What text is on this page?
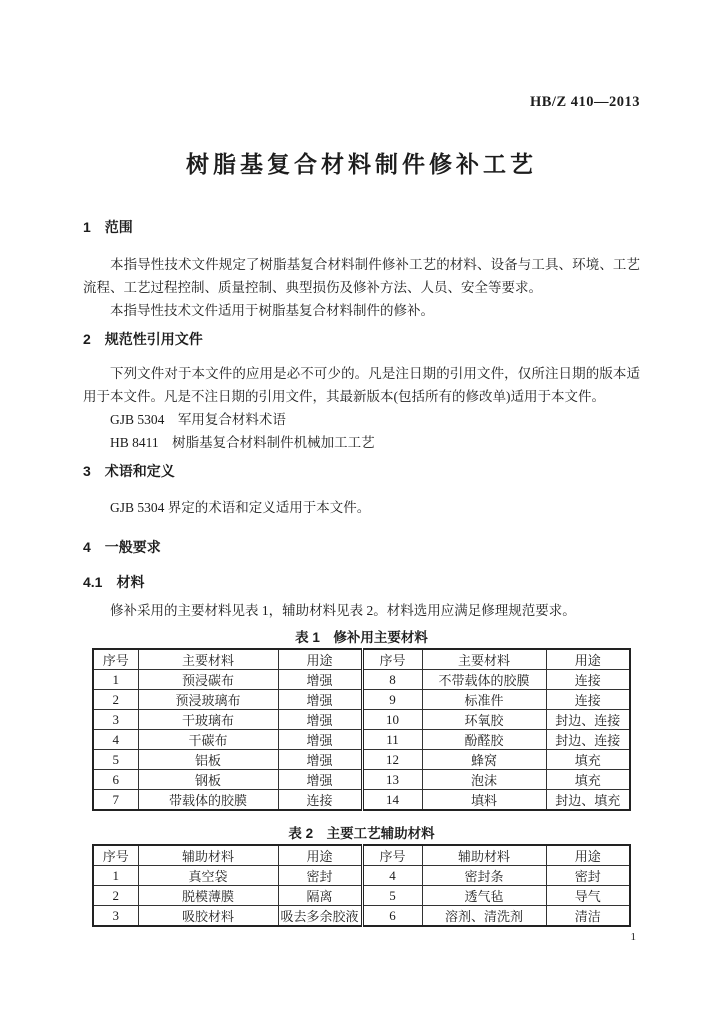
HB/Z 410—2013
树脂基复合材料制件修补工艺
1　范围

本指导性技术文件规定了树脂基复合材料制件修补工艺的材料、设备与工具、环境、工艺流程、工艺过程控制、质量控制、典型损伤及修补方法、人员、安全等要求。

本指导性技术文件适用于树脂基复合材料制件的修补。

2　规范性引用文件

下列文件对于本文件的应用是必不可少的。凡是注日期的引用文件，仅所注日期的版本适用于本文件。凡是不注日期的引用文件，其最新版本(包括所有的修改单)适用于本文件。

GJB 5304　军用复合材料术语

HB 8411　树脂基复合材料制件机械加工工艺

3　术语和定义

GJB 5304 界定的术语和定义适用于本文件。

4　一般要求
4.1　材料

修补采用的主要材料见表 1，辅助材料见表 2。材料选用应满足修理规范要求。

表 1　修补用主要材料
序号	主要材料	用途	序号	主要材料	用途
1	预浸碳布	增强	8	不带载体的胶膜	连接
2	预浸玻璃布	增强	9	标准件	连接
3	干玻璃布	增强	10	环氧胶	封边、连接
4	干碳布	增强	11	酚醛胶	封边、连接
5	铝板	增强	12	蜂窝	填充
6	钢板	增强	13	泡沫	填充
7	带载体的胶膜	连接	14	填料	封边、填充
表 2　主要工艺辅助材料
序号	辅助材料	用途	序号	辅助材料	用途
1	真空袋	密封	4	密封条	密封
2	脱模薄膜	隔离	5	透气毡	导气
3	吸胶材料	吸去多余胶液	6	溶剂、清洗剂	清洁
1
